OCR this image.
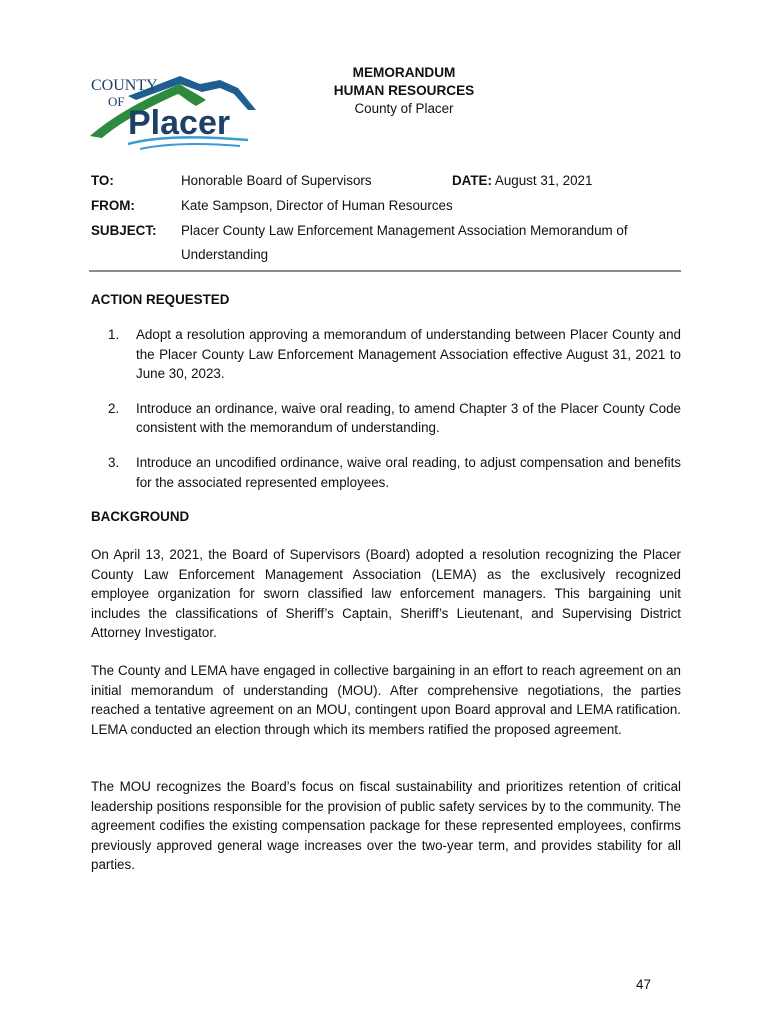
COUNTY
OF
Placer
MEMORANDUM
HUMAN RESOURCES
County of Placer
TO:	Honorable Board of Supervisors	DATE: August 31, 2021
FROM:	Kate Sampson, Director of Human Resources
SUBJECT: Placer County Law Enforcement Management Association Memorandum of
Understanding
ACTION REQUESTED
1.	Adopt a resolution approving a memorandum of understanding between Placer County and the Placer County Law Enforcement Management Association effective August 31, 2021 to June 30, 2023.
2.	Introduce an ordinance, waive oral reading, to amend Chapter 3 of the Placer County Code consistent with the memorandum of understanding.
3.	Introduce an uncodified ordinance, waive oral reading, to adjust compensation and benefits for the associated represented employees.
BACKGROUND
On April 13, 2021, the Board of Supervisors (Board) adopted a resolution recognizing the Placer County Law Enforcement Management Association (LEMA) as the exclusively recognized employee organization for sworn classified law enforcement managers. This bargaining unit includes the classifications of Sheriff’s Captain, Sheriff’s Lieutenant, and Supervising District Attorney Investigator.
The County and LEMA have engaged in collective bargaining in an effort to reach agreement on an initial memorandum of understanding (MOU). After comprehensive negotiations, the parties reached a tentative agreement on an MOU, contingent upon Board approval and LEMA ratification. LEMA conducted an election through which its members ratified the proposed agreement.
The MOU recognizes the Board’s focus on fiscal sustainability and prioritizes retention of critical leadership positions responsible for the provision of public safety services by to the community. The agreement codifies the existing compensation package for these represented employees, confirms previously approved general wage increases over the two-year term, and provides stability for all parties.
47
